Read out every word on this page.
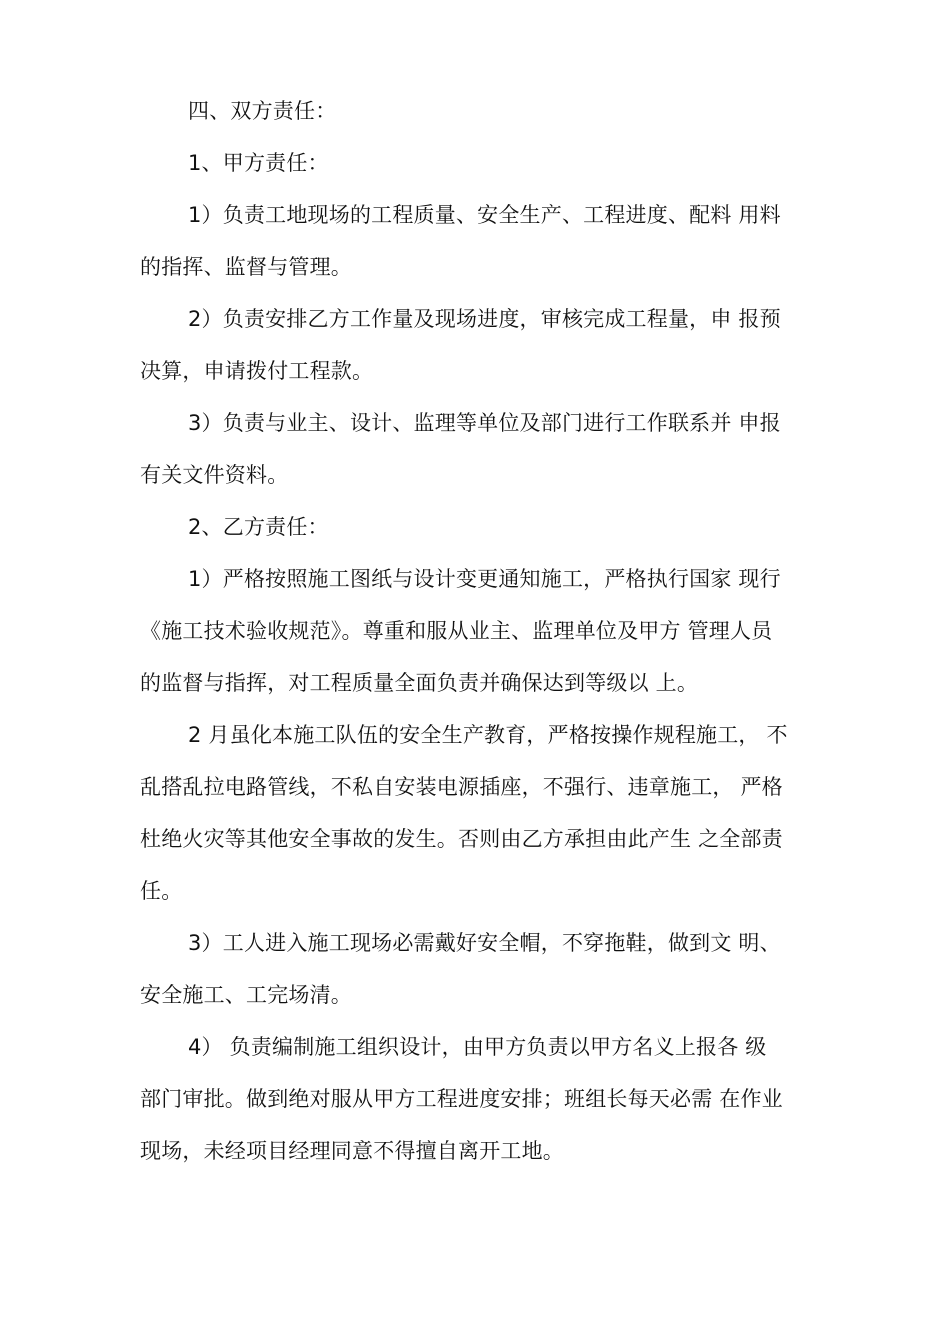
四、双方责任：

1、甲方责任：

1）负责工地现场的工程质量、安全生产、工程进度、配料 用料

的指挥、监督与管理。

2）负责安排乙方工作量及现场进度，审核完成工程量，申 报预

决算，申请拨付工程款。

3）负责与业主、设计、监理等单位及部门进行工作联系并 申报

有关文件资料。

2、乙方责任：

1）严格按照施工图纸与设计变更通知施工，严格执行国家 现行

《施工技术验收规范》。尊重和服从业主、监理单位及甲方 管理人员

的监督与指挥，对工程质量全面负责并确保达到等级以 上。

2 月虽化本施工队伍的安全生产教育，严格按操作规程施工， 不

乱搭乱拉电路管线，不私自安装电源插座，不强行、违章施工， 严格

杜绝火灾等其他安全事故的发生。否则由乙方承担由此产生 之全部责

任。

3）工人进入施工现场必需戴好安全帽，不穿拖鞋，做到文 明、

安全施工、工完场清。

4） 负责编制施工组织设计，由甲方负责以甲方名义上报各 级

部门审批。做到绝对服从甲方工程进度安排；班组长每天必需 在作业

现场，未经项目经理同意不得擅自离开工地。
